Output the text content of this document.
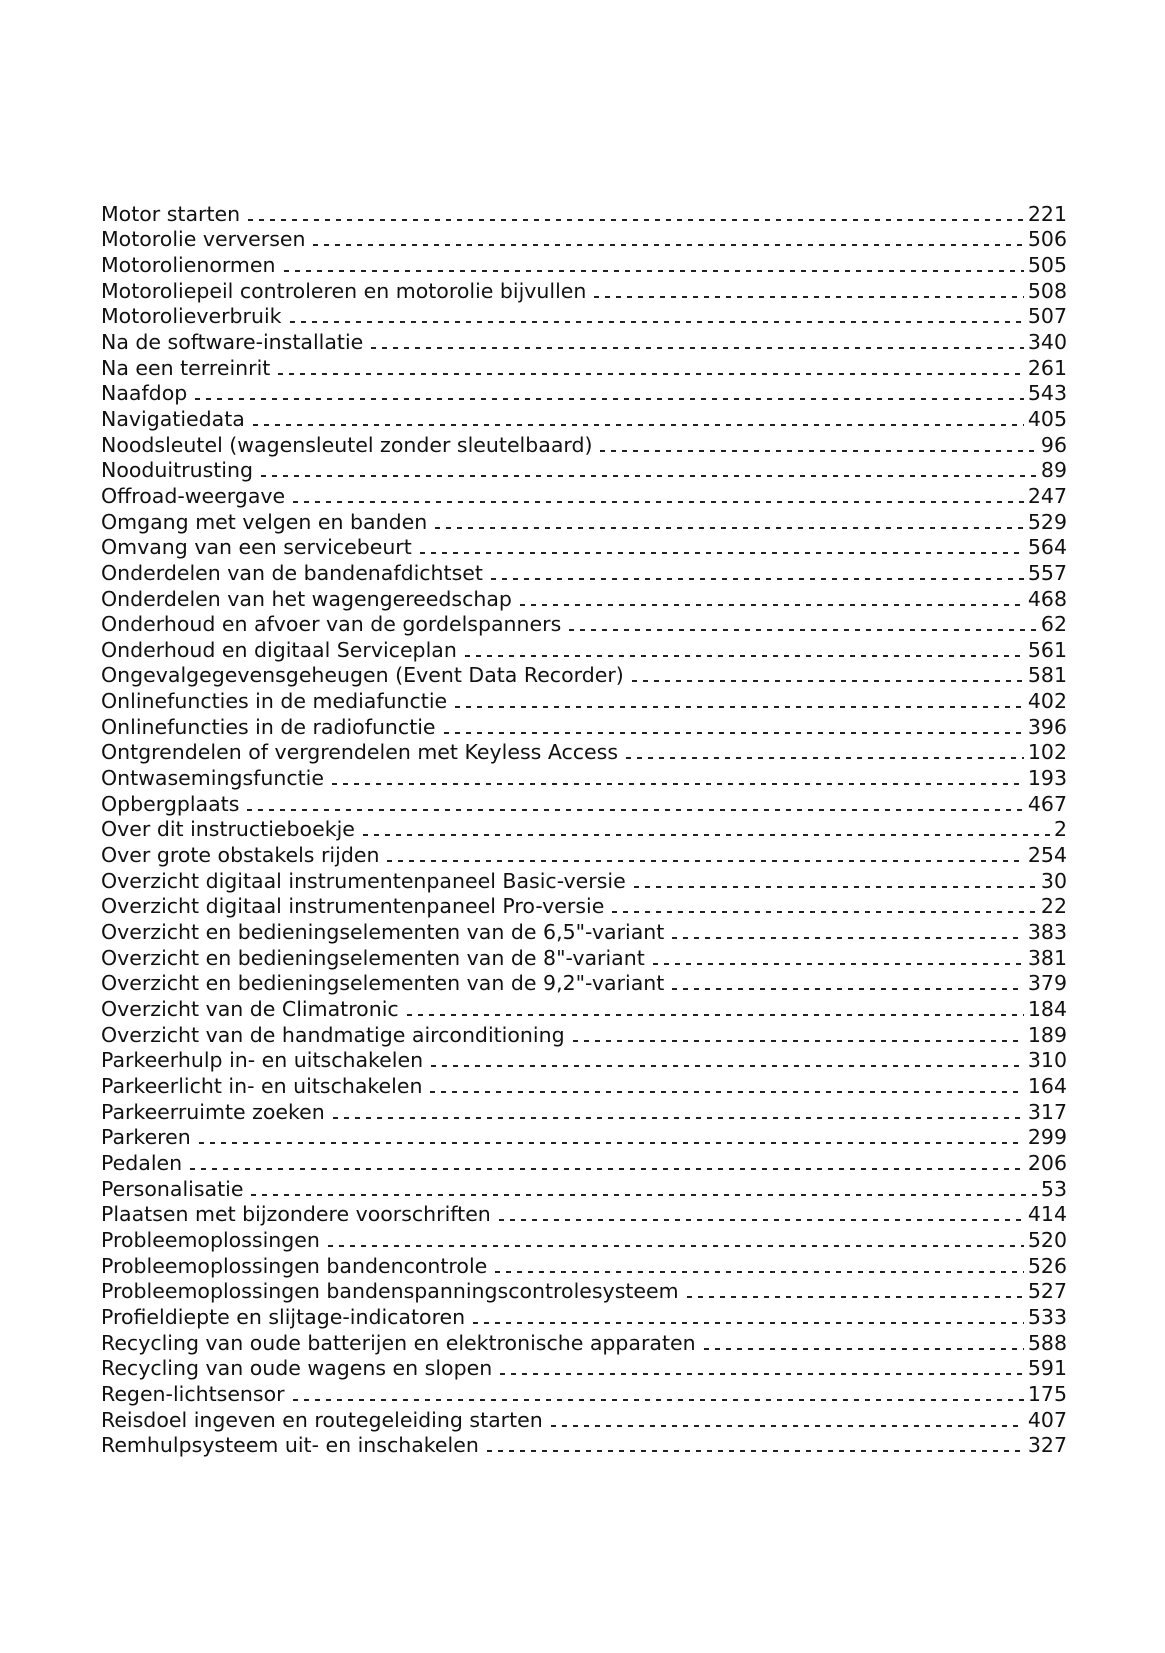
Motor starten	221
Motorolie verversen	506
Motorolienormen	505
Motoroliepeil controleren en motorolie bijvullen	508
Motorolieverbruik	507
Na de software-installatie	340
Na een terreinrit	261
Naafdop	543
Navigatiedata	405
Noodsleutel (wagensleutel zonder sleutelbaard)	96
Nooduitrusting	89
Offroad-weergave	247
Omgang met velgen en banden	529
Omvang van een servicebeurt	564
Onderdelen van de bandenafdichtset	557
Onderdelen van het wagengereedschap	468
Onderhoud en afvoer van de gordelspanners	62
Onderhoud en digitaal Serviceplan	561
Ongevalgegevensgeheugen (Event Data Recorder)	581
Onlinefuncties in de mediafunctie	402
Onlinefuncties in de radiofunctie	396
Ontgrendelen of vergrendelen met Keyless Access	102
Ontwasemingsfunctie	193
Opbergplaats	467
Over dit instructieboekje	2
Over grote obstakels rijden	254
Overzicht digitaal instrumentenpaneel Basic-versie	30
Overzicht digitaal instrumentenpaneel Pro-versie	22
Overzicht en bedieningselementen van de 6,5"-variant	383
Overzicht en bedieningselementen van de 8"-variant	381
Overzicht en bedieningselementen van de 9,2"-variant	379
Overzicht van de Climatronic	184
Overzicht van de handmatige airconditioning	189
Parkeerhulp in- en uitschakelen	310
Parkeerlicht in- en uitschakelen	164
Parkeerruimte zoeken	317
Parkeren	299
Pedalen	206
Personalisatie	53
Plaatsen met bijzondere voorschriften	414
Probleemoplossingen	520
Probleemoplossingen bandencontrole	526
Probleemoplossingen bandenspanningscontrolesysteem	527
Profieldiepte en slijtage-indicatoren	533
Recycling van oude batterijen en elektronische apparaten	588
Recycling van oude wagens en slopen	591
Regen-lichtsensor	175
Reisdoel ingeven en routegeleiding starten	407
Remhulpsysteem uit- en inschakelen	327
